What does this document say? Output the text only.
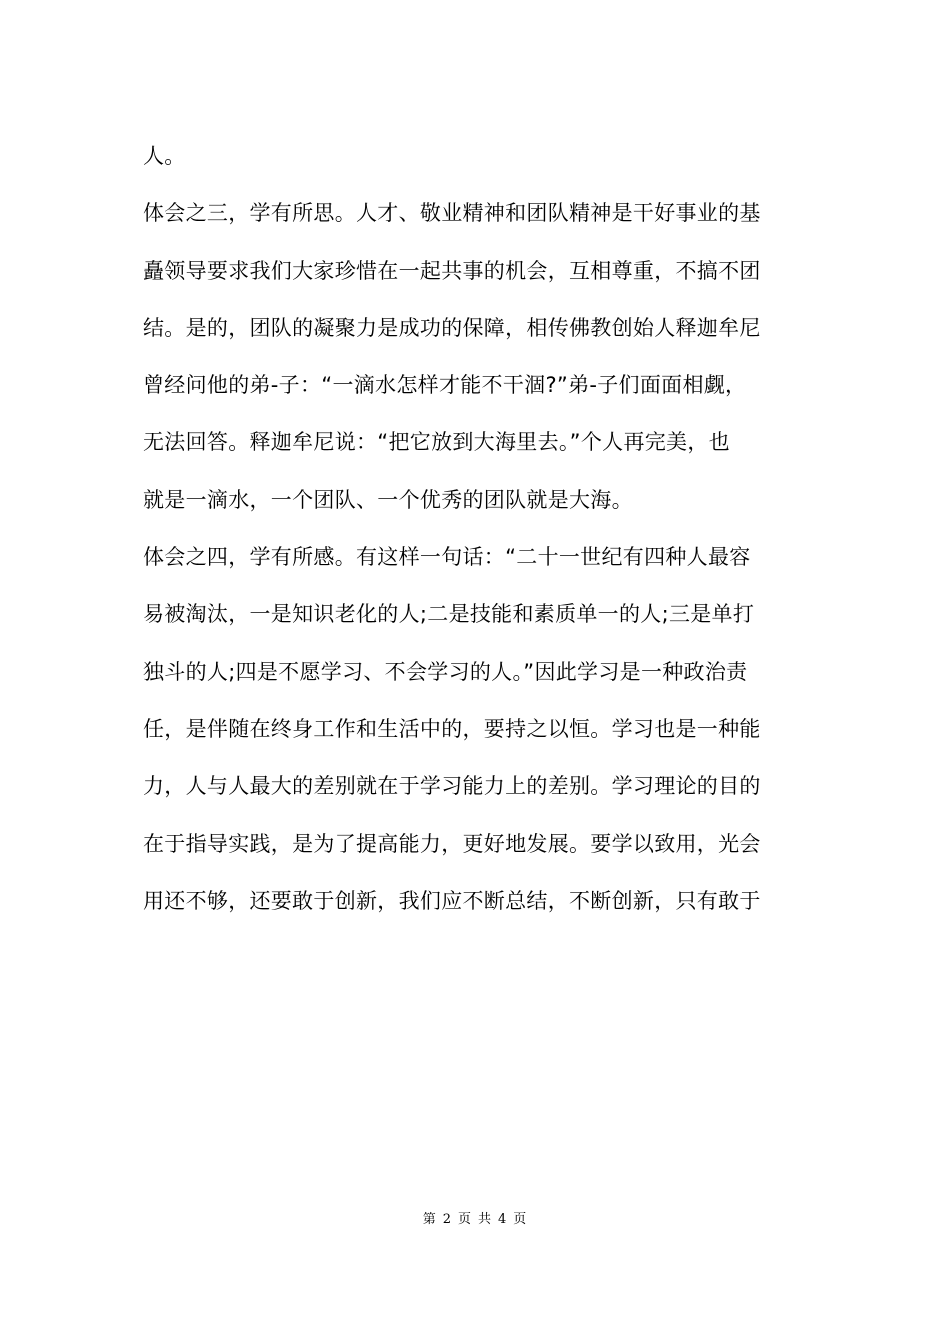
人。
体会之三，学有所思。人才、敬业精神和团队精神是干好事业的基
矗领导要求我们大家珍惜在一起共事的机会，互相尊重，不搞不团
结。是的，团队的凝聚力是成功的保障，相传佛教创始人释迦牟尼
曾经问他的弟-子：“一滴水怎样才能不干涸?”弟-子们面面相觑，
无法回答。释迦牟尼说：“把它放到大海里去。”个人再完美，也
就是一滴水，一个团队、一个优秀的团队就是大海。
体会之四，学有所感。有这样一句话：“二十一世纪有四种人最容
易被淘汰，一是知识老化的人;二是技能和素质单一的人;三是单打
独斗的人;四是不愿学习、不会学习的人。”因此学习是一种政治责
任，是伴随在终身工作和生活中的，要持之以恒。学习也是一种能
力，人与人最大的差别就在于学习能力上的差别。学习理论的目的
在于指导实践，是为了提高能力，更好地发展。要学以致用，光会
用还不够，还要敢于创新，我们应不断总结，不断创新，只有敢于
第 2 页 共 4 页
